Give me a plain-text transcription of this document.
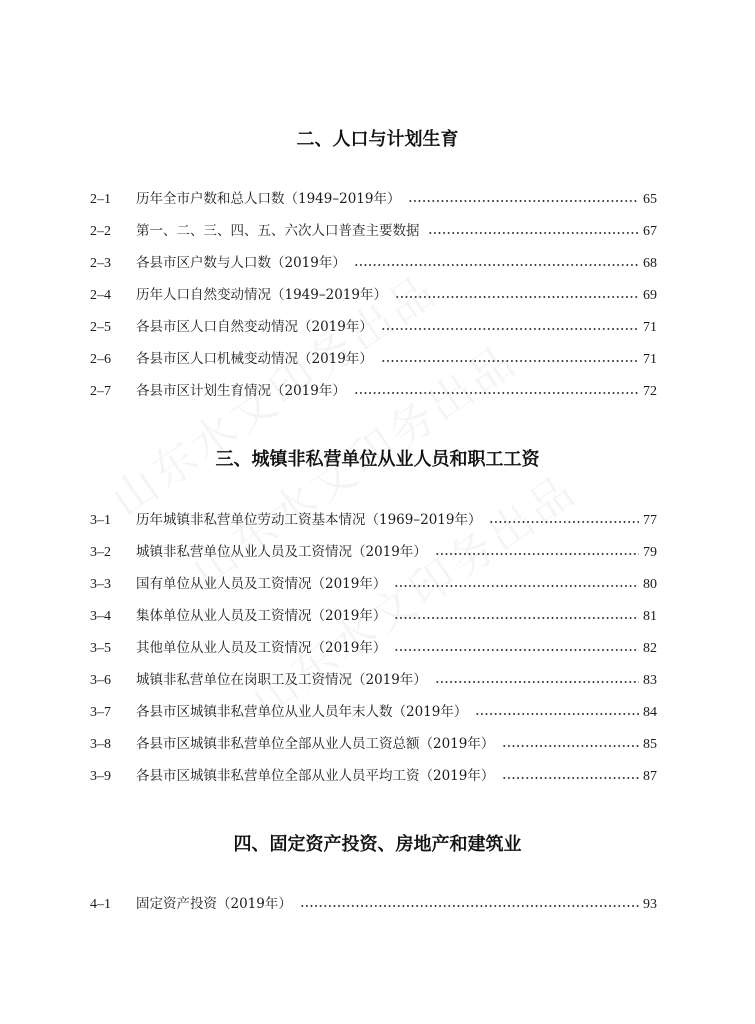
二、人口与计划生育
2–1	历年全市户数和总人口数（1949–2019年）	65
2–2	第一、二、三、四、五、六次人口普查主要数据	67
2–3	各县市区户数与人口数（2019年）	68
2–4	历年人口自然变动情况（1949–2019年）	69
2–5	各县市区人口自然变动情况（2019年）	71
2–6	各县市区人口机械变动情况（2019年）	71
2–7	各县市区计划生育情况（2019年）	72
三、城镇非私营单位从业人员和职工工资
3–1	历年城镇非私营单位劳动工资基本情况（1969–2019年）	77
3–2	城镇非私营单位从业人员及工资情况（2019年）	79
3–3	国有单位从业人员及工资情况（2019年）	80
3–4	集体单位从业人员及工资情况（2019年）	81
3–5	其他单位从业人员及工资情况（2019年）	82
3–6	城镇非私营单位在岗职工及工资情况（2019年）	83
3–7	各县市区城镇非私营单位从业人员年末人数（2019年）	84
3–8	各县市区城镇非私营单位全部从业人员工资总额（2019年）	85
3–9	各县市区城镇非私营单位全部从业人员平均工资（2019年）	87
四、固定资产投资、房地产和建筑业
4–1	固定资产投资（2019年）	93
